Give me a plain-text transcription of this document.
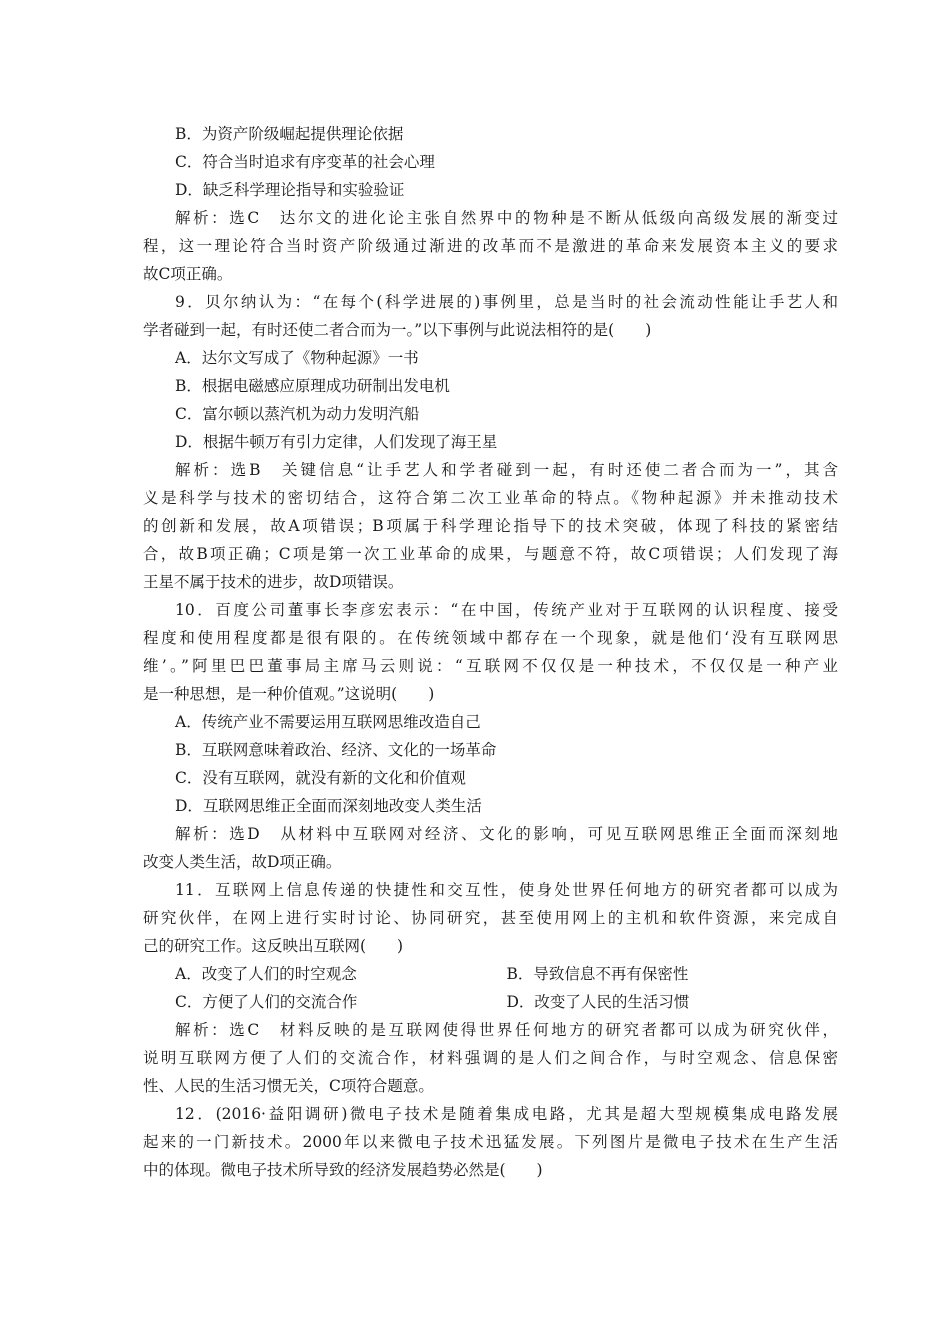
B．为资产阶级崛起提供理论依据

C．符合当时追求有序变革的社会心理

D．缺乏科学理论指导和实验验证

解析：选C　达尔文的进化论主张自然界中的物种是不断从低级向高级发展的渐变过

程，这一理论符合当时资产阶级通过渐进的改革而不是激进的革命来发展资本主义的要求

故C项正确。

9．贝尔纳认为：“在每个(科学进展的)事例里，总是当时的社会流动性能让手艺人和

学者碰到一起，有时还使二者合而为一。”以下事例与此说法相符的是(　　)

A．达尔文写成了《物种起源》一书

B．根据电磁感应原理成功研制出发电机

C．富尔顿以蒸汽机为动力发明汽船

D．根据牛顿万有引力定律，人们发现了海王星

解析：选B　关键信息“让手艺人和学者碰到一起，有时还使二者合而为一”，其含

义是科学与技术的密切结合，这符合第二次工业革命的特点。《物种起源》并未推动技术

的创新和发展，故A项错误；B项属于科学理论指导下的技术突破，体现了科技的紧密结

合，故B项正确；C项是第一次工业革命的成果，与题意不符，故C项错误；人们发现了海

王星不属于技术的进步，故D项错误。

10．百度公司董事长李彦宏表示：“在中国，传统产业对于互联网的认识程度、接受

程度和使用程度都是很有限的。在传统领域中都存在一个现象，就是他们‘没有互联网思

维’。”阿里巴巴董事局主席马云则说：“互联网不仅仅是一种技术，不仅仅是一种产业

是一种思想，是一种价值观。”这说明(　　)

A．传统产业不需要运用互联网思维改造自己

B．互联网意味着政治、经济、文化的一场革命

C．没有互联网，就没有新的文化和价值观

D．互联网思维正全面而深刻地改变人类生活

解析：选D　从材料中互联网对经济、文化的影响，可见互联网思维正全面而深刻地

改变人类生活，故D项正确。

11．互联网上信息传递的快捷性和交互性，使身处世界任何地方的研究者都可以成为

研究伙伴，在网上进行实时讨论、协同研究，甚至使用网上的主机和软件资源，来完成自

己的研究工作。这反映出互联网(　　)

A．改变了人们的时空观念	B．导致信息不再有保密性
C．方便了人们的交流合作	D．改变了人民的生活习惯

解析：选C　材料反映的是互联网使得世界任何地方的研究者都可以成为研究伙伴，

说明互联网方便了人们的交流合作，材料强调的是人们之间合作，与时空观念、信息保密

性、人民的生活习惯无关，C项符合题意。

12．(2016·益阳调研)微电子技术是随着集成电路，尤其是超大型规模集成电路发展

起来的一门新技术。2000年以来微电子技术迅猛发展。下列图片是微电子技术在生产生活

中的体现。微电子技术所导致的经济发展趋势必然是(　　)
